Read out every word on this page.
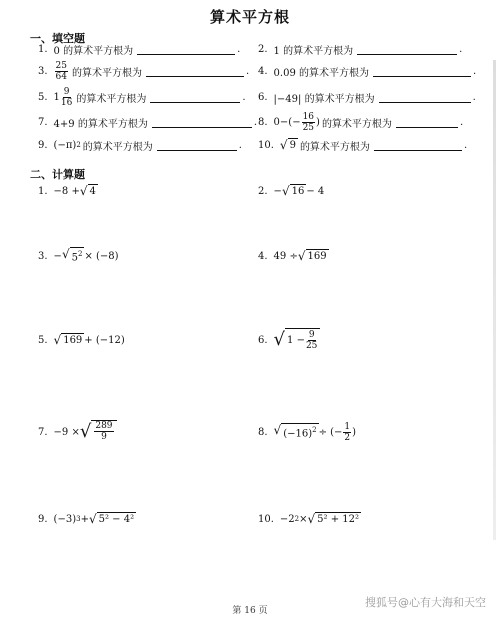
算术平方根
一、填空题
1. 0 的算术平方根为	. 2. 1 的算术平方根为	.
3. $\frac{25}{64}$ 的算术平方根为	. 4. 0.09 的算术平方根为	.
5. $1 \frac{9}{16}$ 的算术平方根为	. 6. |−49| 的算术平方根为	.
7. 4+9 的算术平方根为	. 8. $0-(- \frac{16}{25}$ ) 的算术平方根为	.
9. (−π) 2 的算术平方根为	. 10. √ 9 的算术平方根为	.
二、计算题
1. −8 + √ 4	2. − √ 16 − 4
3. − √ $5^2 \times (-8)$	4. 49 ÷ √ 169
5. √ 169 + (−12)	6. √ $1 - \frac{9}{25}$
7. −9 × √ $\frac{289}{9}$	8. √ $(-16)^2$ ÷ (− $\frac{1}{2}$ )
9. (−3) 3 + √ 5² − 4²	10. −2 2 × √ 5² + 12²
第 16 页
搜狐号@心有大海和天空
